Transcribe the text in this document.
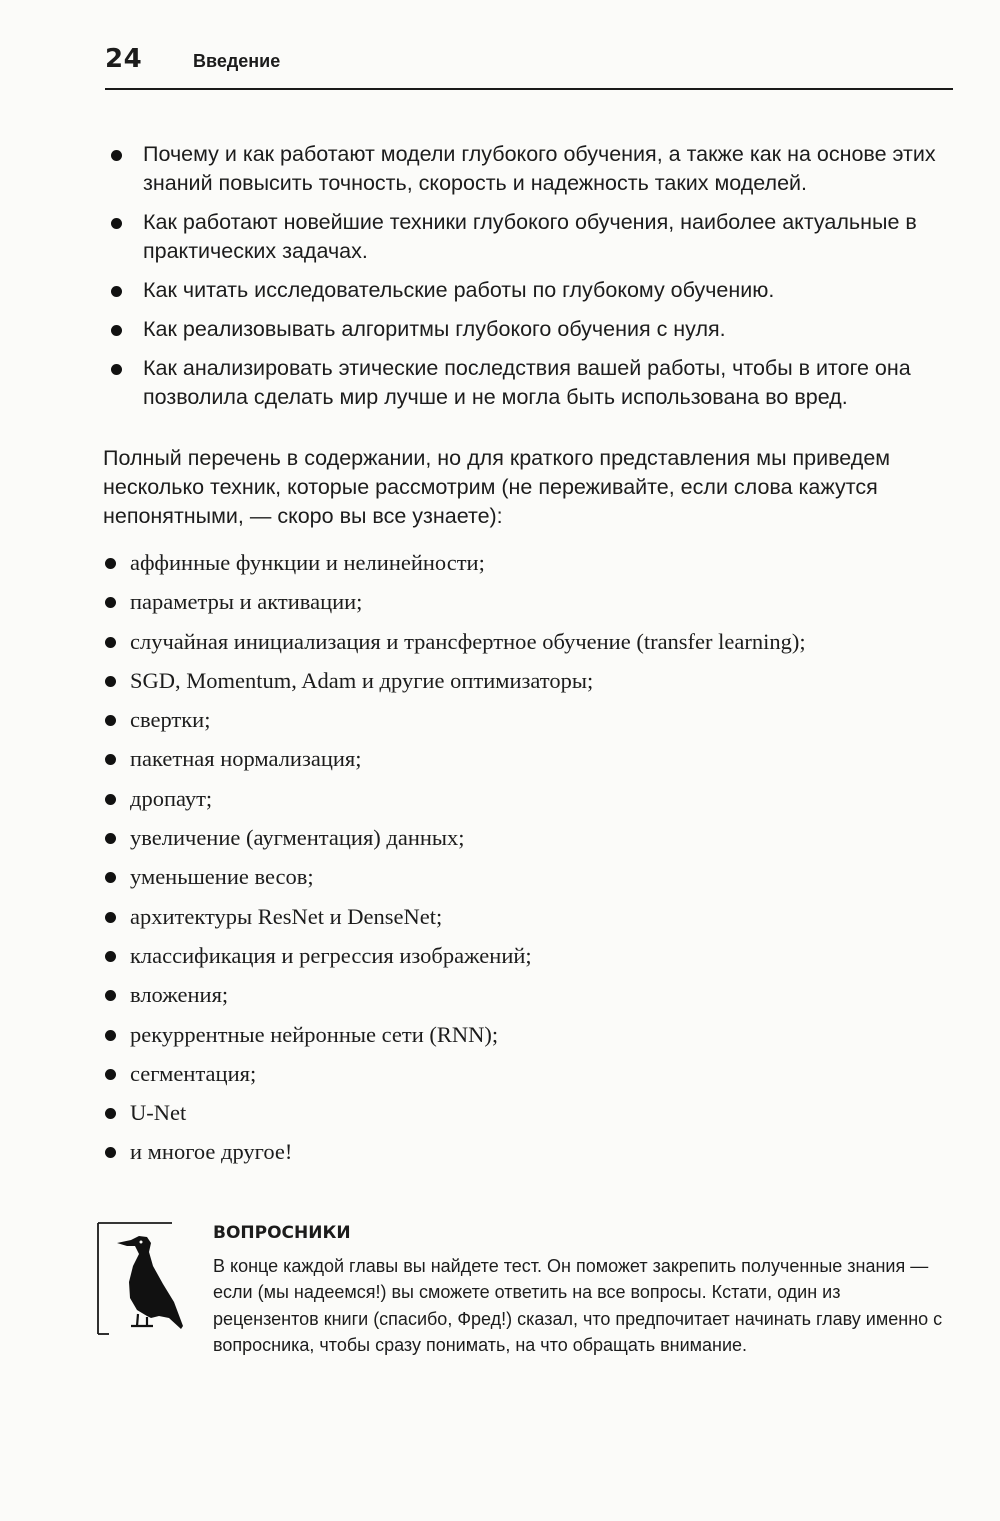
24	Введение
Почему и как работают модели глубокого обучения, а также как на основе этих знаний повысить точность, скорость и надежность таких моделей.
Как работают новейшие техники глубокого обучения, наиболее актуальные в практических задачах.
Как читать исследовательские работы по глубокому обучению.
Как реализовывать алгоритмы глубокого обучения с нуля.
Как анализировать этические последствия вашей работы, чтобы в итоге она позволила сделать мир лучше и не могла быть использована во вред.

Полный перечень в содержании, но для краткого представления мы приведем несколько техник, которые рассмотрим (не переживайте, если слова кажутся непонятными, — скоро вы все узнаете):

аффинные функции и нелинейности;
параметры и активации;
случайная инициализация и трансфертное обучение (transfer learning);
SGD, Momentum, Adam и другие оптимизаторы;
свертки;
пакетная нормализация;
дропаут;
увеличение (аугментация) данных;
уменьшение весов;
архитектуры ResNet и DenseNet;
классификация и регрессия изображений;
вложения;
рекуррентные нейронные сети (RNN);
сегментация;
U-Net
и многое другое!
ВОПРОСНИКИ

В конце каждой главы вы найдете тест. Он поможет закрепить полученные знания — если (мы надеемся!) вы сможете ответить на все вопросы. Кстати, один из рецензентов книги (спасибо, Фред!) сказал, что предпочитает начинать главу именно с вопросника, чтобы сразу понимать, на что обращать внимание.
